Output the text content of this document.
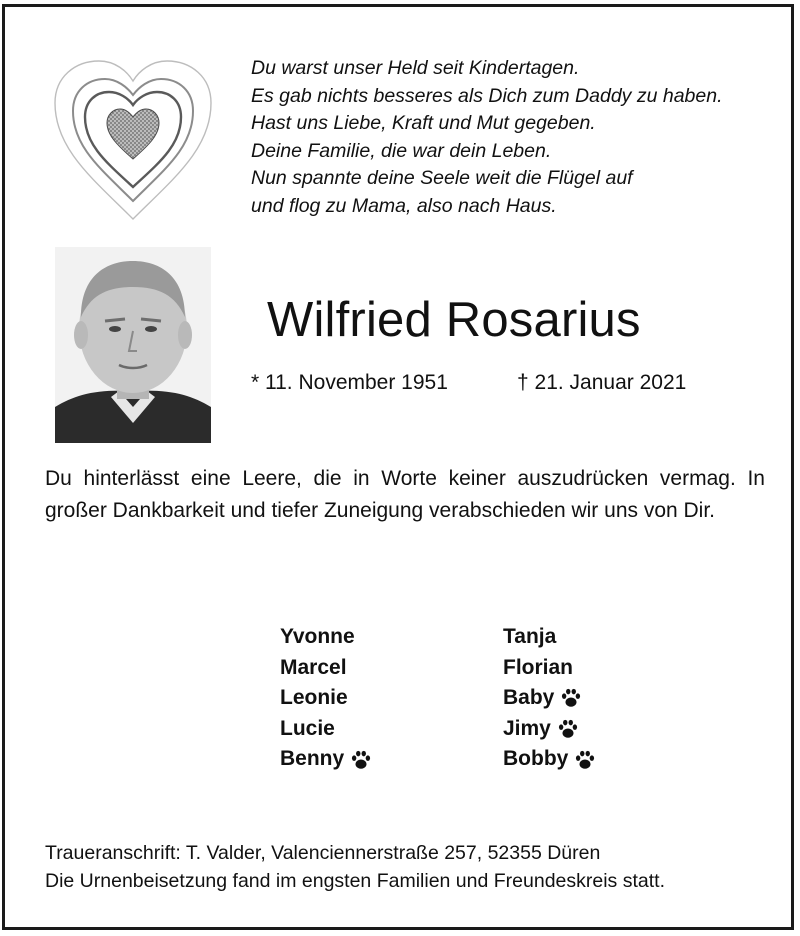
Du warst unser Held seit Kindertagen.
Es gab nichts besseres als Dich zum Daddy zu haben.
Hast uns Liebe, Kraft und Mut gegeben.
Deine Familie, die war dein Leben.
Nun spannte deine Seele weit die Flügel auf
und flog zu Mama, also nach Haus.
Wilfried Rosarius
* 11. November 1951	† 21. Januar 2021
Du hinterlässt eine Leere, die in Worte keiner auszudrücken vermag. In großer Dankbarkeit und tiefer Zuneigung verabschieden wir uns von Dir.
Yvonne
Marcel
Leonie
Lucie
Benny
Tanja
Florian
Baby
Jimy
Bobby
Traueranschrift: T. Valder, Valenciennerstraße 257, 52355 Düren
Die Urnenbeisetzung fand im engsten Familien und Freundeskreis statt.
